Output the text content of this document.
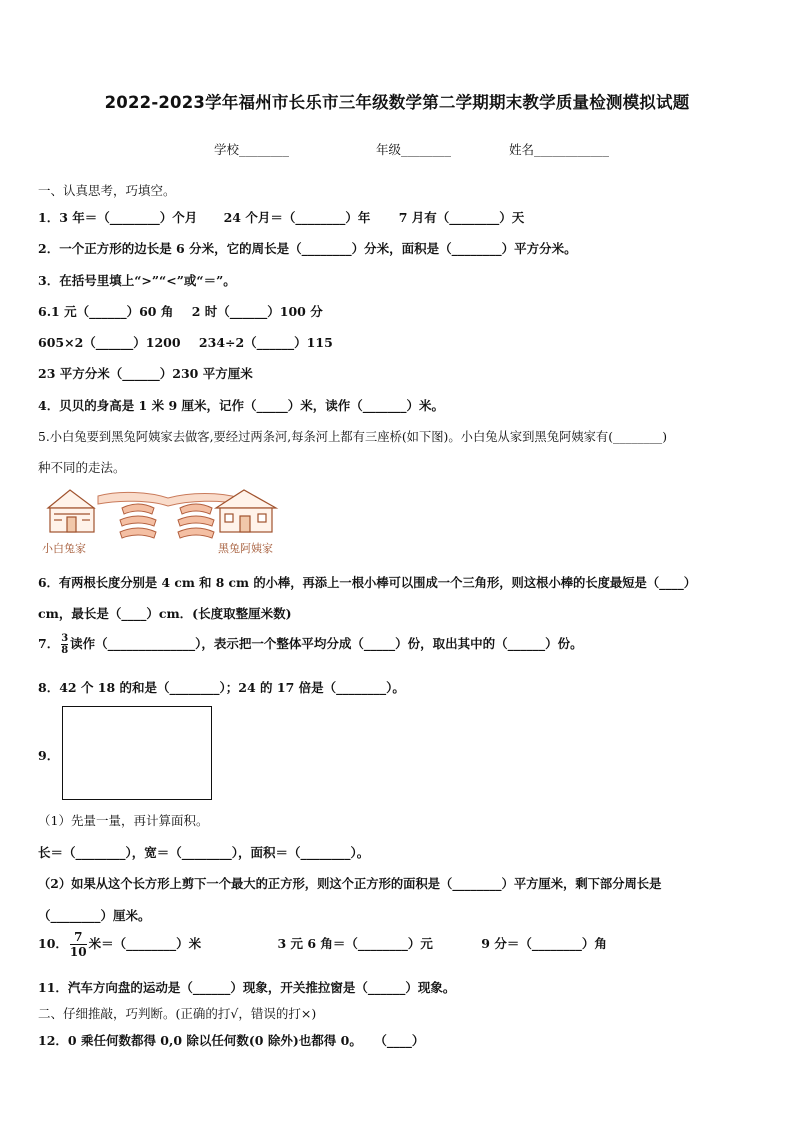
2022-2023学年福州市长乐市三年级数学第二学期期末教学质量检测模拟试题
学校________	年级________	姓名____________
一、认真思考，巧填空。
1．3 年＝（________）个月 24 个月＝（________）年 7 月有（________）天
2．一个正方形的边长是 6 分米，它的周长是（________）分米，面积是（________）平方分米。
3．在括号里填上“>”“<”或“＝”。
6.1 元（______）60 角 2 时（______）100 分
605×2（______）1200 234÷2（______）115
23 平方分米（______）230 平方厘米
4．贝贝的身高是 1 米 9 厘米，记作（_____）米，读作（_______）米。
5.小白兔要到黑兔阿姨家去做客,要经过两条河,每条河上都有三座桥(如下图)。小白兔从家到黑兔阿姨家有(________)
种不同的走法。
小白兔家	黑兔阿姨家
6．有两根长度分别是 4 cm 和 8 cm 的小棒，再添上一根小棒可以围成一个三角形，则这根小棒的长度最短是（____）
cm，最长是（____）cm．(长度取整厘米数)
7． $\frac{3}{8}$ 读作（______________），表示把一个整体平均分成（_____）份，取出其中的（______）份。
8．42 个 18 的和是（________）；24 的 17 倍是（________）。
9．
（1）先量一量，再计算面积。
长＝（________），宽＝（________），面积＝（________）。
（2）如果从这个长方形上剪下一个最大的正方形，则这个正方形的面积是（________）平方厘米，剩下部分周长是
（________）厘米。
10． $\frac{7}{10}$ 米＝（________）米	3 元 6 角＝（________）元	9 分＝（________）角
11．汽车方向盘的运动是（______）现象，开关推拉窗是（______）现象。
二、仔细推敲，巧判断。(正确的打√，错误的打×)
12．0 乘任何数都得 0,0 除以任何数(0 除外)也都得 0。　　（____）
